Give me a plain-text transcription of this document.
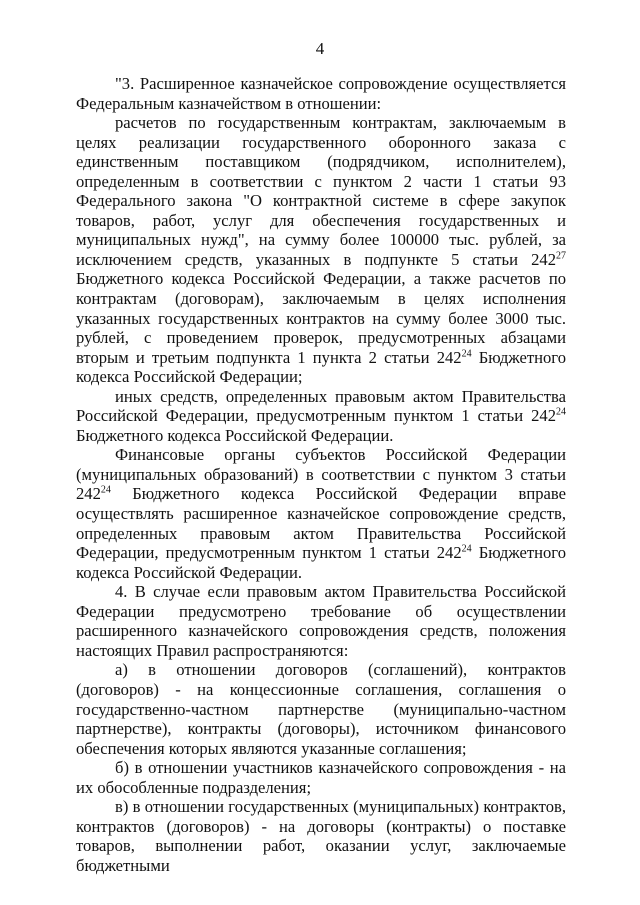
4

"3. Расширенное казначейское сопровождение осуществляется Федеральным казначейством в отношении:

расчетов по государственным контрактам, заключаемым в целях реализации государственного оборонного заказа с единственным поставщиком (подрядчиком, исполнителем), определенным в соответствии с пунктом 2 части 1 статьи 93 Федерального закона "О контрактной системе в сфере закупок товаров, работ, услуг для обеспечения государственных и муниципальных нужд", на сумму более 100000 тыс. рублей, за исключением средств, указанных в подпункте 5 статьи $242^{27}$ Бюджетного кодекса Российской Федерации, а также расчетов по контрактам (договорам), заключаемым в целях исполнения указанных государственных контрактов на сумму более 3000 тыс. рублей, с проведением проверок, предусмотренных абзацами вторым и третьим подпункта 1 пункта 2 статьи $242^{24}$ Бюджетного кодекса Российской Федерации;

иных средств, определенных правовым актом Правительства Российской Федерации, предусмотренным пунктом 1 статьи $242^{24}$ Бюджетного кодекса Российской Федерации.

Финансовые органы субъектов Российской Федерации (муниципальных образований) в соответствии с пунктом 3 статьи $242^{24}$ Бюджетного кодекса Российской Федерации вправе осуществлять расширенное казначейское сопровождение средств, определенных правовым актом Правительства Российской Федерации, предусмотренным пунктом 1 статьи $242^{24}$ Бюджетного кодекса Российской Федерации.

4. В случае если правовым актом Правительства Российской Федерации предусмотрено требование об осуществлении расширенного казначейского сопровождения средств, положения настоящих Правил распространяются:

а) в отношении договоров (соглашений), контрактов (договоров) - на концессионные соглашения, соглашения о государственно-частном партнерстве (муниципально-частном партнерстве), контракты (договоры), источником финансового обеспечения которых являются указанные соглашения;

б) в отношении участников казначейского сопровождения - на их обособленные подразделения;

в) в отношении государственных (муниципальных) контрактов, контрактов (договоров) - на договоры (контракты) о поставке товаров, выполнении работ, оказании услуг, заключаемые бюджетными
